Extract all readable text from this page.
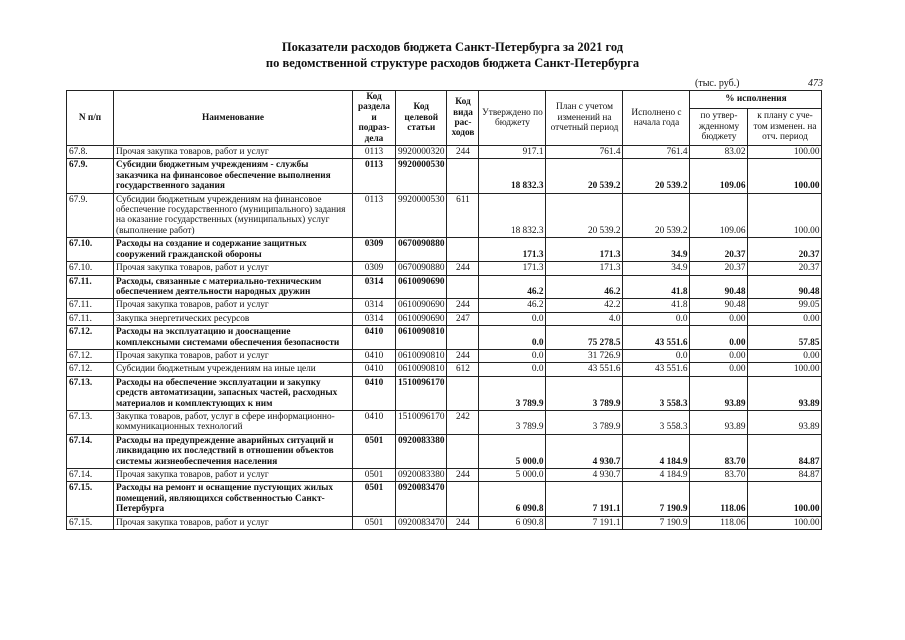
Показатели расходов бюджета Санкт-Петербурга за 2021 год
по ведомственной структуре расходов бюджета Санкт-Петербурга
(тыс. руб.)	473
N п/п	Наименование	Код раздела и подраз-дела	Код целевой статьи	Код вида рас-ходов	Утверждено по бюджету	План с учетом изменений на отчетный период	Исполнено с начала года	% исполнения	
								по утвер-жденному бюджету	к плану с уче-том изменен. на отч. период
67.8.	Прочая закупка товаров, работ и услуг	0113	9920000320	244	917.1	761.4	761.4	83.02	100.00
67.9.	Субсидии бюджетным учреждениям - службы заказчика на финансовое обеспечение выполнения государственного задания	0113	9920000530		18 832.3	20 539.2	20 539.2	109.06	100.00
67.9.	Субсидии бюджетным учреждениям на финансовое обеспечение государственного (муниципального) задания на оказание государственных (муниципальных) услуг (выполнение работ)	0113	9920000530	611	18 832.3	20 539.2	20 539.2	109.06	100.00
67.10.	Расходы на создание и содержание защитных сооружений гражданской обороны	0309	0670090880		171.3	171.3	34.9	20.37	20.37
67.10.	Прочая закупка товаров, работ и услуг	0309	0670090880	244	171.3	171.3	34.9	20.37	20.37
67.11.	Расходы, связанные с материально-техническим обеспечением деятельности народных дружин	0314	0610090690		46.2	46.2	41.8	90.48	90.48
67.11.	Прочая закупка товаров, работ и услуг	0314	0610090690	244	46.2	42.2	41.8	90.48	99.05
67.11.	Закупка энергетических ресурсов	0314	0610090690	247	0.0	4.0	0.0	0.00	0.00
67.12.	Расходы на эксплуатацию и дооснащение комплексными системами обеспечения безопасности	0410	0610090810		0.0	75 278.5	43 551.6	0.00	57.85
67.12.	Прочая закупка товаров, работ и услуг	0410	0610090810	244	0.0	31 726.9	0.0	0.00	0.00
67.12.	Субсидии бюджетным учреждениям на иные цели	0410	0610090810	612	0.0	43 551.6	43 551.6	0.00	100.00
67.13.	Расходы на обеспечение эксплуатации и закупку средств автоматизации, запасных частей, расходных материалов и комплектующих к ним	0410	1510096170		3 789.9	3 789.9	3 558.3	93.89	93.89
67.13.	Закупка товаров, работ, услуг в сфере информационно-коммуникационных технологий	0410	1510096170	242	3 789.9	3 789.9	3 558.3	93.89	93.89
67.14.	Расходы на предупреждение аварийных ситуаций и ликвидацию их последствий в отношении объектов системы жизнеобеспечения населения	0501	0920083380		5 000.0	4 930.7	4 184.9	83.70	84.87
67.14.	Прочая закупка товаров, работ и услуг	0501	0920083380	244	5 000.0	4 930.7	4 184.9	83.70	84.87
67.15.	Расходы на ремонт и оснащение пустующих жилых помещений, являющихся собственностью Санкт-Петербурга	0501	0920083470		6 090.8	7 191.1	7 190.9	118.06	100.00
67.15.	Прочая закупка товаров, работ и услуг	0501	0920083470	244	6 090.8	7 191.1	7 190.9	118.06	100.00
